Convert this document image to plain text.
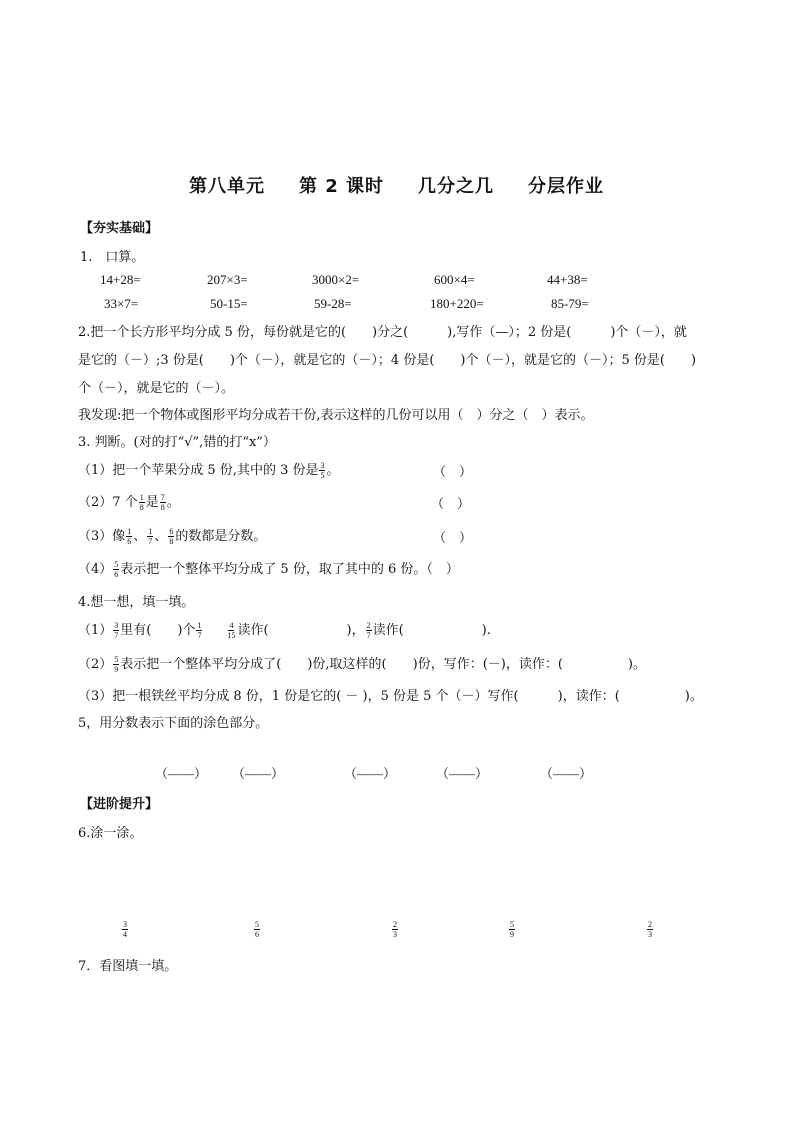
第八单元 第 2 课时 几分之几 分层作业
【夯实基础】
1.　口算。
14+28=	207×3=	3000×2=	600×4=	44+38=
33×7=	50-15=	59-28=	180+220=	85-79=
2.把一个长方形平均分成 5 份，每份就是它的(　　)分之(　　　),写作（—）；2 份是(　　　)个（－），就
是它的（－）;3 份是(　　)个（－），就是它的（－）；4 份是(　　)个（－），就是它的（－）；5 份是(　　)
个（－），就是它的（－）。
我发现:把一个物体或图形平均分成若干份,表示这样的几份可以用（　）分之（　）表示。
3. 判断。(对的打“√”,错的打“x”）
（1）把一个苹果分成 5 份,其中的 3 份是 $\frac{3}{5}$ 。	（　）
（2）7 个 $\frac{1}{8}$ 是 $\frac{7}{8}$ 。	（　）
（3）像 $\frac{1}{6}$ 、 $\frac{1}{7}$ 、 $\frac{6}{8}$ 的数都是分数。	（　）
$(4) \frac{5}{6}$ 表示把一个整体平均分成了 5 份，取了其中的 6 份。（　）
4.想一想，填一填。
$(1) \frac{3}{7}$ 里有(　　)个 $\frac{1}{7}$	$\frac{4}{15}$ 读作(　　　　　　)， $\frac{2}{7}$ 读作(　　　　　　).
$(2) \frac{5}{9}$ 表示把一个整体平均分成了(　　)份,取这样的(　　)份，写作：(－)，读作：(　　　　　)。
（3）把一根铁丝平均分成 8 份，1 份是它的( － )，5 份是 5 个（－）写作(　　　)，读作：(　　　　　)。
5，用分数表示下面的涂色部分。
（——） （——）	（——）	（——）	（——）
【进阶提升】
6.涂一涂。
$\frac{3}{4}$	$\frac{5}{6}$	$\frac{2}{3}$	$\frac{5}{9}$	$\frac{2}{3}$
7．看图填一填。
